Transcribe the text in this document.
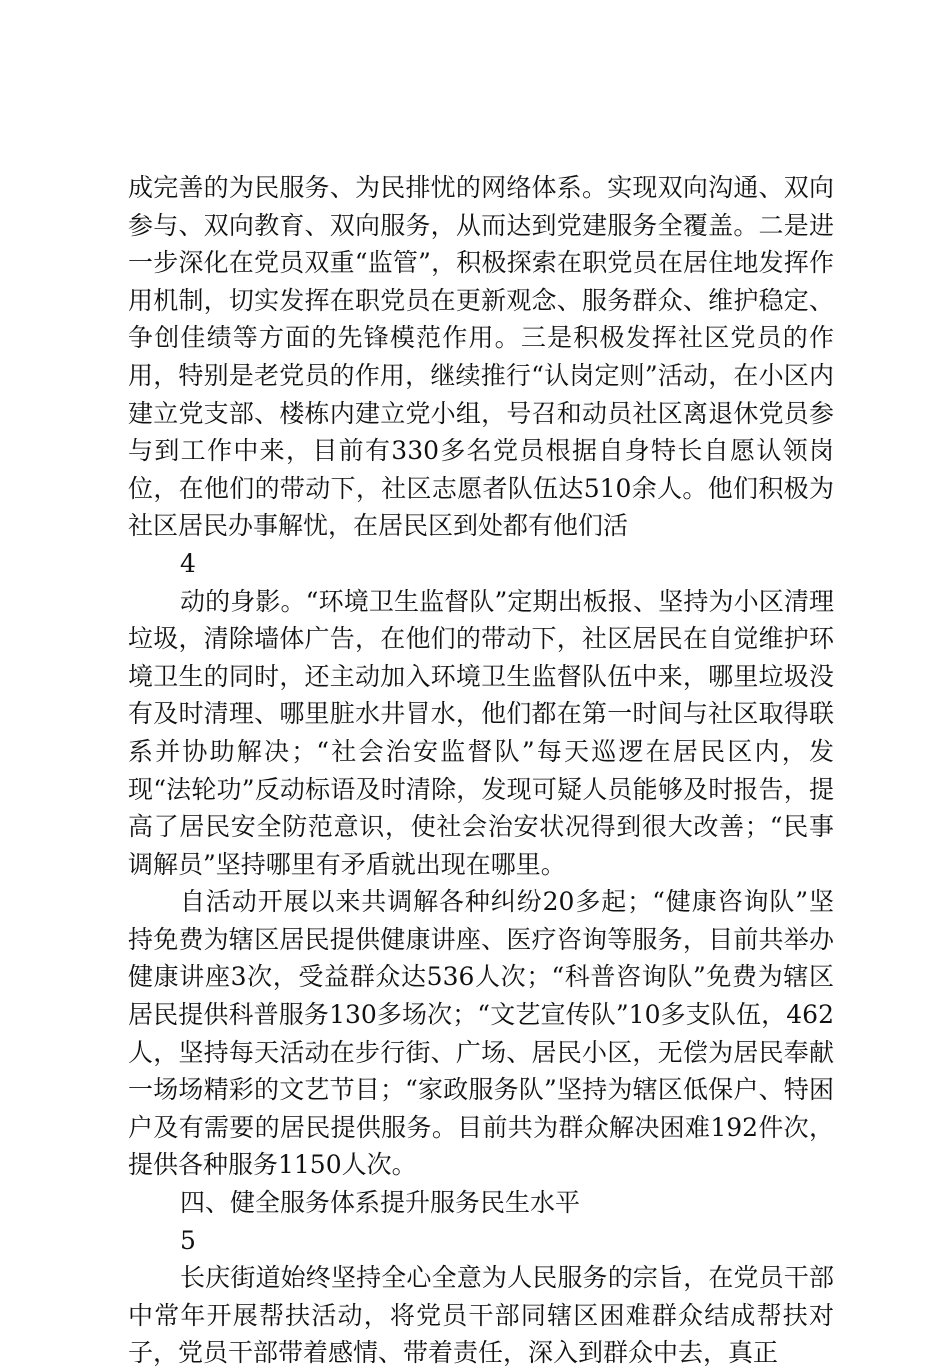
成完善的为民服务、为民排忧的网络体系。实现双向沟通、双向参与、双向教育、双向服务，从而达到党建服务全覆盖。二是进一步深化在党员双重“监管”，积极探索在职党员在居住地发挥作用机制，切实发挥在职党员在更新观念、服务群众、维护稳定、争创佳绩等方面的先锋模范作用。三是积极发挥社区党员的作用，特别是老党员的作用，继续推行“认岗定则”活动，在小区内建立党支部、楼栋内建立党小组，号召和动员社区离退休党员参与到工作中来，目前有330多名党员根据自身特长自愿认领岗位，在他们的带动下，社区志愿者队伍达510余人。他们积极为社区居民办事解忧，在居民区到处都有他们活

4

动的身影。“环境卫生监督队”定期出板报、坚持为小区清理垃圾，清除墙体广告，在他们的带动下，社区居民在自觉维护环境卫生的同时，还主动加入环境卫生监督队伍中来，哪里垃圾没有及时清理、哪里脏水井冒水，他们都在第一时间与社区取得联系并协助解决；“社会治安监督队”每天巡逻在居民区内，发现“法轮功”反动标语及时清除，发现可疑人员能够及时报告，提高了居民安全防范意识，使社会治安状况得到很大改善；“民事调解员”坚持哪里有矛盾就出现在哪里。

自活动开展以来共调解各种纠纷20多起；“健康咨询队”坚持免费为辖区居民提供健康讲座、医疗咨询等服务，目前共举办健康讲座3次，受益群众达536人次；“科普咨询队”免费为辖区居民提供科普服务130多场次；“文艺宣传队”10多支队伍，462人，坚持每天活动在步行街、广场、居民小区，无偿为居民奉献一场场精彩的文艺节目；“家政服务队”坚持为辖区低保户、特困户及有需要的居民提供服务。目前共为群众解决困难192件次，提供各种服务1150人次。

四、健全服务体系提升服务民生水平

5

长庆街道始终坚持全心全意为人民服务的宗旨，在党员干部中常年开展帮扶活动，将党员干部同辖区困难群众结成帮扶对子，党员干部带着感情、带着责任，深入到群众中去，真正
